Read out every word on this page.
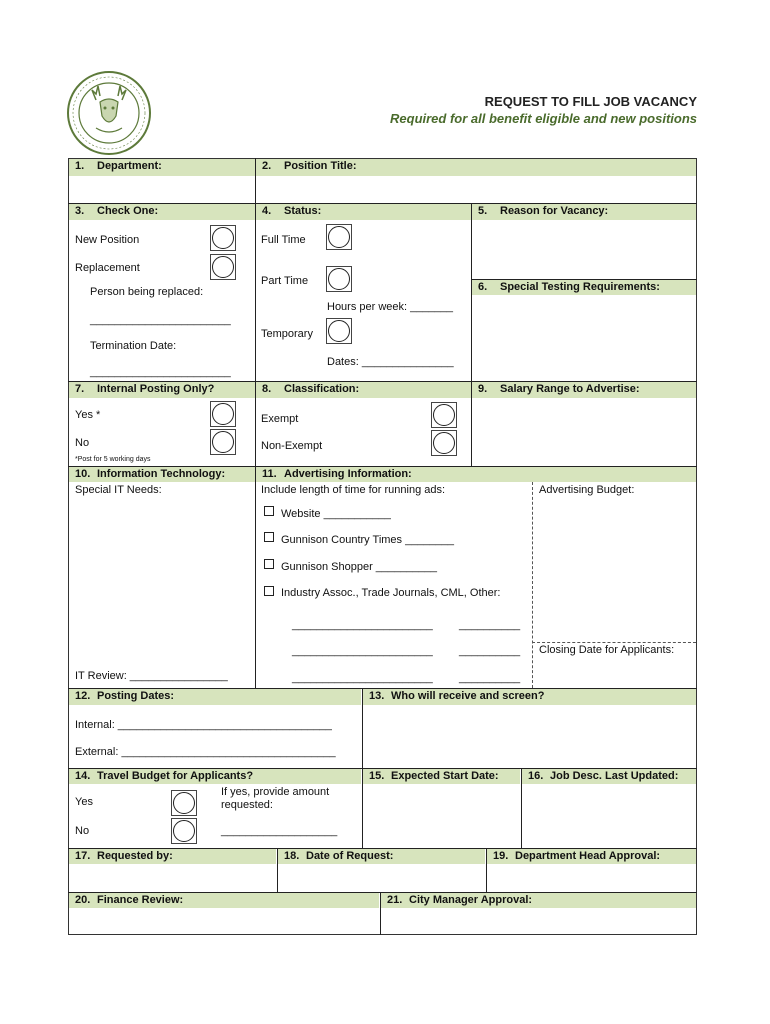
REQUEST TO FILL JOB VACANCY
Required for all benefit eligible and new positions
1. Department:	2. Position Title:
3. Check One:	4. Status:	5. Reason for Vacancy:
New Position
Replacement
Person being replaced:
_______________________
Termination Date:
_______________________
Full Time
Part Time
Hours per week: _______
Temporary
Dates: _______________
6. Special Testing Requirements:
7. Internal Posting Only?	8. Classification:	9. Salary Range to Advertise:
Yes *
No
*Post for 5 working days
Exempt
Non-Exempt
10. Information Technology:	11. Advertising Information:
Special IT Needs:
IT Review: ________________
Include length of time for running ads:	Advertising Budget:
Closing Date for Applicants:
Website ___________
Gunnison Country Times ________
Gunnison Shopper __________
Industry Assoc., Trade Journals, CML, Other:
_______________________ __________
_______________________ __________
_______________________ __________
12. Posting Dates:	13. Who will receive and screen?
Internal: ___________________________________
External: ___________________________________
14. Travel Budget for Applicants?	15. Expected Start Date:	16. Job Desc. Last Updated:
Yes
No
If yes, provide amount
requested:
___________________
17. Requested by:	18. Date of Request:	19. Department Head Approval:
20. Finance Review:	21. City Manager Approval:
